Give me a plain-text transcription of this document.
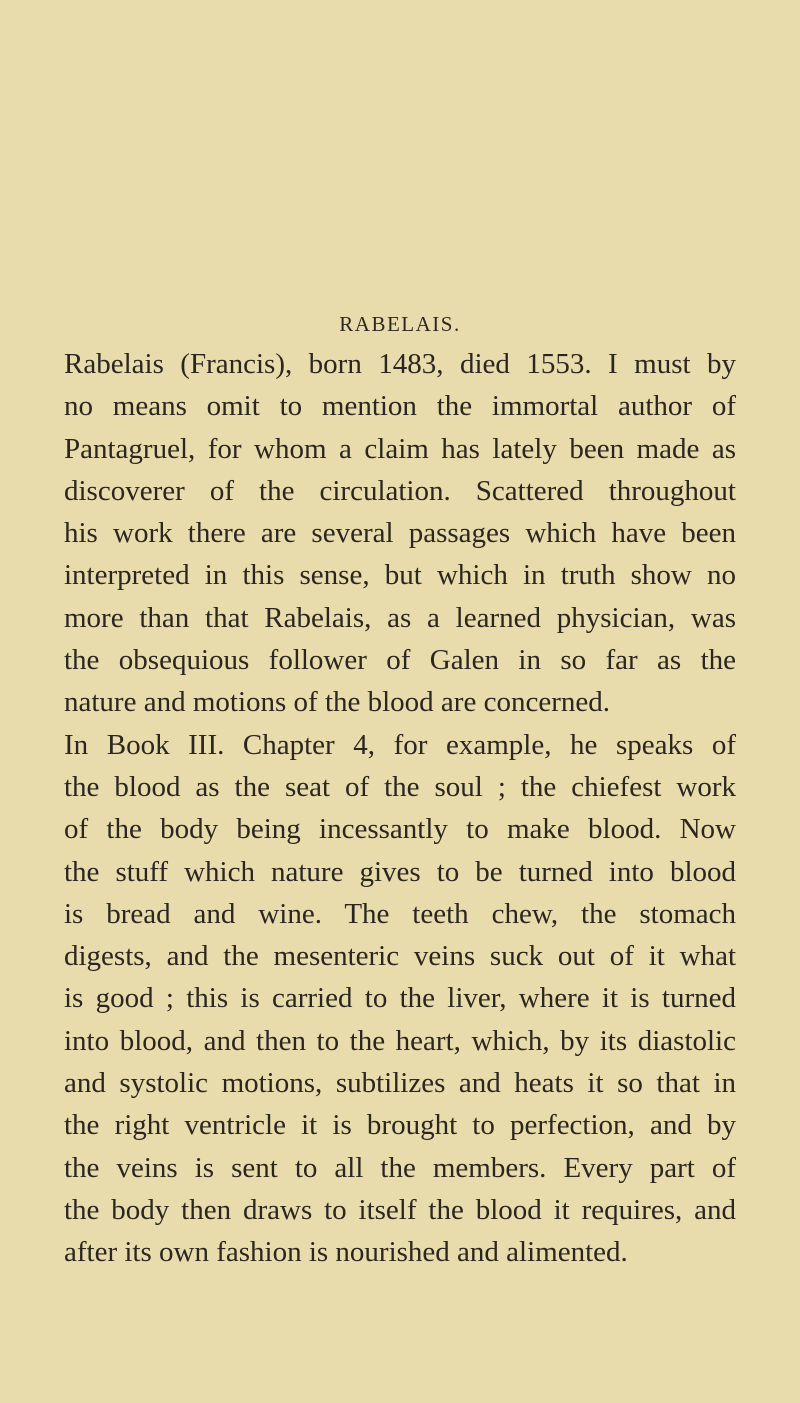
RABELAIS.
Rabelais (Francis), born 1483, died 1553. I must by
no means omit to mention the immortal author of
Pantagruel, for whom a claim has lately been made as
discoverer of the circulation. Scattered throughout
his work there are several passages which have been
interpreted in this sense, but which in truth show no
more than that Rabelais, as a learned physician, was
the obsequious follower of Galen in so far as the
nature and motions of the blood are concerned.
In Book III. Chapter 4, for example, he speaks of
the blood as the seat of the soul ; the chiefest work
of the body being incessantly to make blood. Now
the stuff which nature gives to be turned into blood
is bread and wine. The teeth chew, the stomach
digests, and the mesenteric veins suck out of it what
is good ; this is carried to the liver, where it is turned
into blood, and then to the heart, which, by its diastolic
and systolic motions, subtilizes and heats it so that in
the right ventricle it is brought to perfection, and by
the veins is sent to all the members. Every part of
the body then draws to itself the blood it requires, and
after its own fashion is nourished and alimented.
